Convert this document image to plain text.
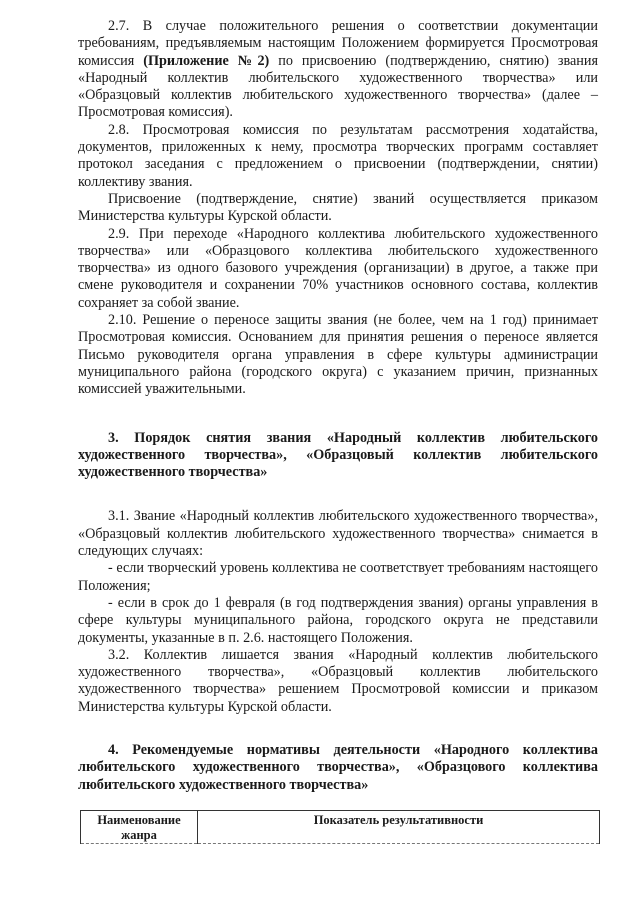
2.7. В случае положительного решения о соответствии документации требованиям, предъявляемым настоящим Положением формируется Просмотровая комиссия (Приложение №2) по присвоению (подтверждению, снятию) звания «Народный коллектив любительского художественного творчества» или «Образцовый коллектив любительского художественного творчества» (далее – Просмотровая комиссия).

2.8. Просмотровая комиссия по результатам рассмотрения ходатайства, документов, приложенных к нему, просмотра творческих программ составляет протокол заседания с предложением о присвоении (подтверждении, снятии) коллективу звания.

Присвоение (подтверждение, снятие) званий осуществляется приказом Министерства культуры Курской области.

2.9. При переходе «Народного коллектива любительского художественного творчества» или «Образцового коллектива любительского художественного творчества» из одного базового учреждения (организации) в другое, а также при смене руководителя и сохранении 70% участников основного состава, коллектив сохраняет за собой звание.

2.10. Решение о переносе защиты звания (не более, чем на 1 год) принимает Просмотровая комиссия. Основанием для принятия решения о переносе является Письмо руководителя органа управления в сфере культуры администрации муниципального района (городского округа) с указанием причин, признанных комиссией уважительными.

3. Порядок снятия звания «Народный коллектив любительского художественного творчества», «Образцовый коллектив любительского художественного творчества»

3.1. Звание «Народный коллектив любительского художественного творчества», «Образцовый коллектив любительского художественного творчества» снимается в следующих случаях:

- если творческий уровень коллектива не соответствует требованиям настоящего Положения;

- если в срок до 1 февраля (в год подтверждения звания) органы управления в сфере культуры муниципального района, городского округа не представили документы, указанные в п. 2.6. настоящего Положения.

3.2. Коллектив лишается звания «Народный коллектив любительского художественного творчества», «Образцовый коллектив любительского художественного творчества» решением Просмотровой комиссии и приказом Министерства культуры Курской области.

4. Рекомендуемые нормативы деятельности «Народного коллектива любительского художественного творчества», «Образцового коллектива любительского художественного творчества»

Наименование жанра	Показатель результативности
